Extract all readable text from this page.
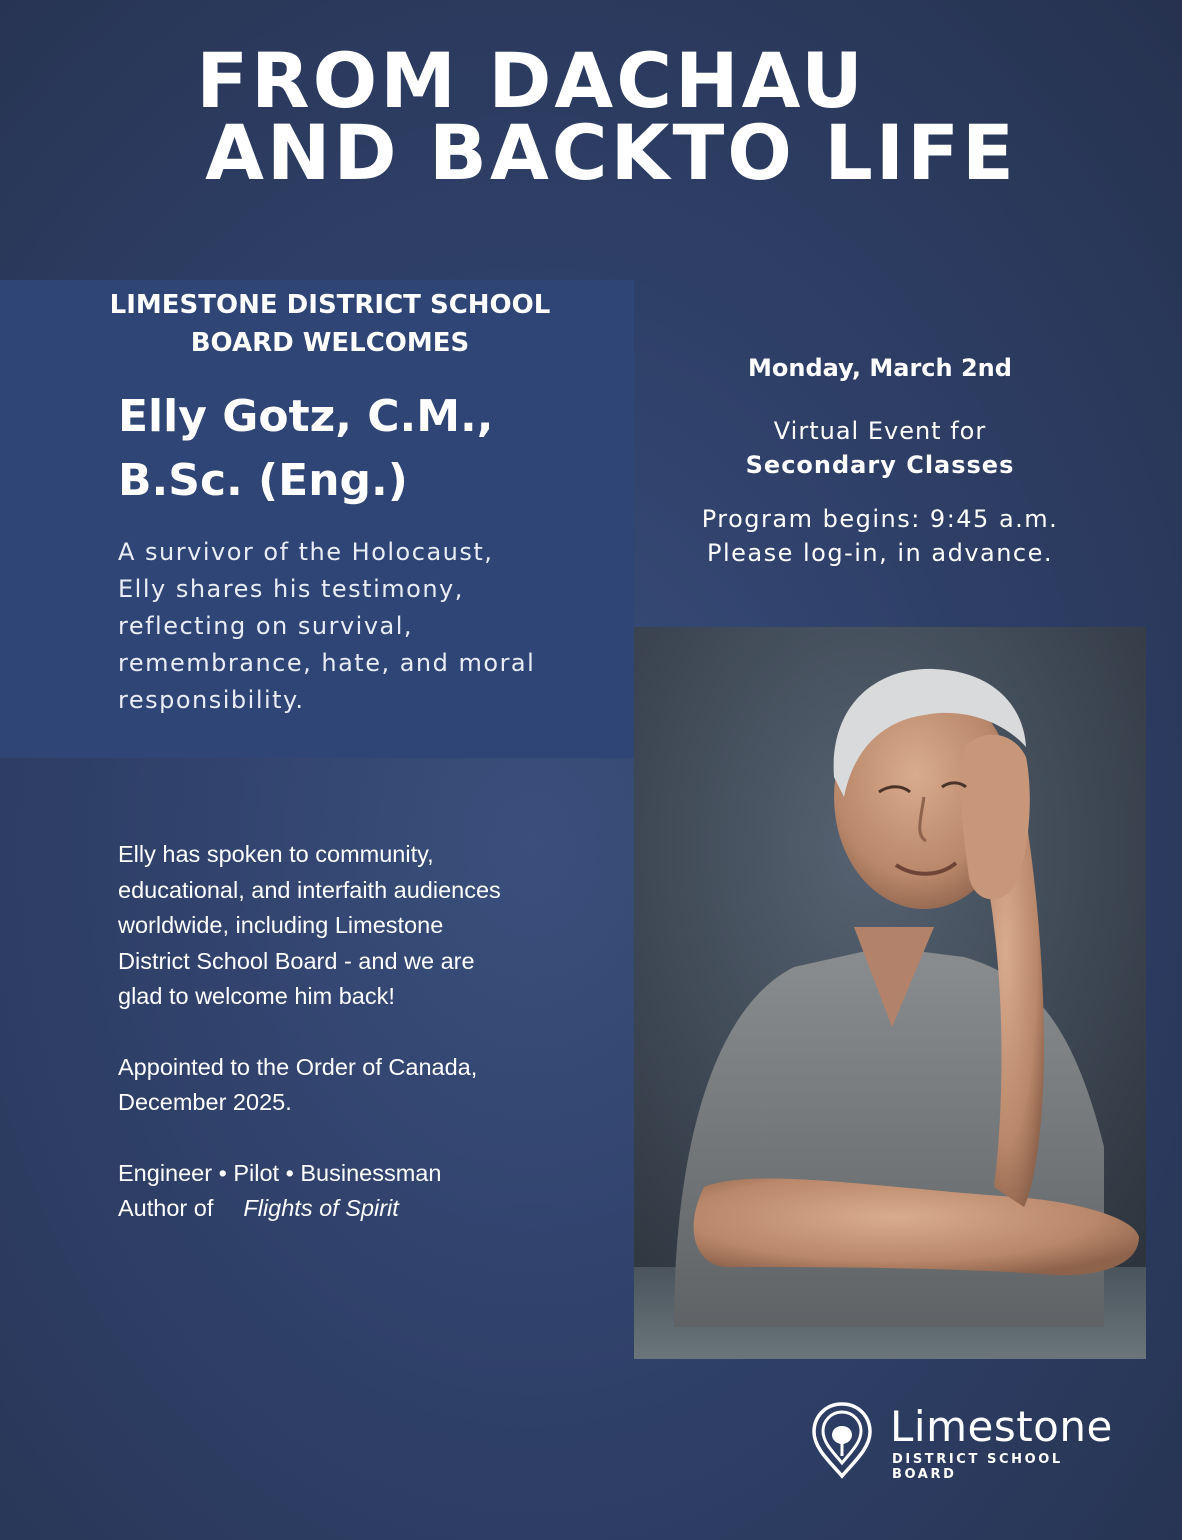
FROM DACHAU
AND BACKTO LIFE
LIMESTONE DISTRICT SCHOOL
BOARD WELCOMES
Elly Gotz, C.M.,
B.Sc. (Eng.)
A survivor of the Holocaust,
Elly shares his testimony,
reflecting on survival,
remembrance, hate, and moral
responsibility.

Monday, March 2nd

Virtual Event for
Secondary Classes
Program begins: 9:45 a.m.
Please log-in, in advance.

Elly has spoken to community,
educational, and interfaith audiences
worldwide, including Limestone
District School Board - and we are
glad to welcome him back!

Appointed to the Order of Canada,
December 2025.

Engineer • Pilot • Businessman
Author of Flights of Spirit

Limestone

DISTRICT SCHOOL BOARD
